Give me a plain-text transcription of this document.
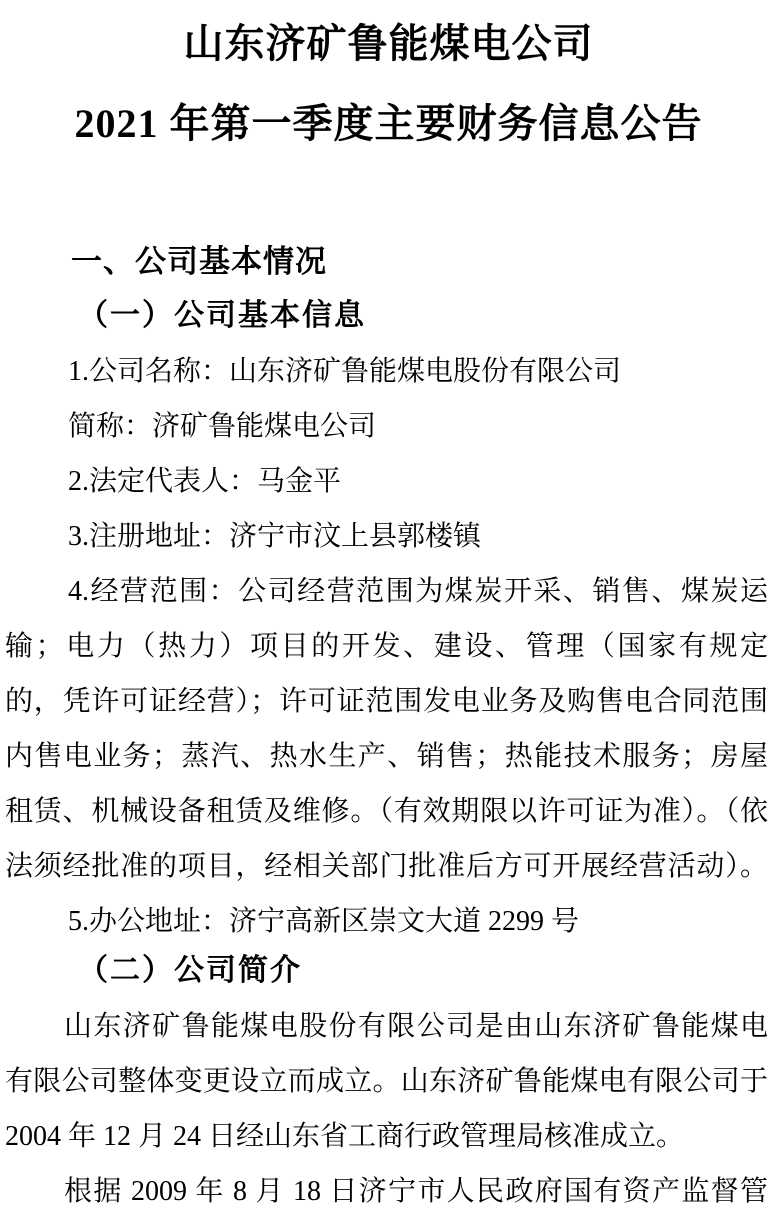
山东济矿鲁能煤电公司
2021 年第一季度主要财务信息公告
一、公司基本情况
（一）公司基本信息
1.公司名称：山东济矿鲁能煤电股份有限公司
简称：济矿鲁能煤电公司
2.法定代表人：马金平
3.注册地址：济宁市汶上县郭楼镇
4.经营范围：公司经营范围为煤炭开采、销售、煤炭运
输；电力（热力）项目的开发、建设、管理（国家有规定
的，凭许可证经营）；许可证范围发电业务及购售电合同范围
内售电业务；蒸汽、热水生产、销售；热能技术服务；房屋
租赁、机械设备租赁及维修。（有效期限以许可证为准）。（依
法须经批准的项目，经相关部门批准后方可开展经营活动）。
5.办公地址：济宁高新区崇文大道 2299 号
（二）公司简介
山东济矿鲁能煤电股份有限公司是由山东济矿鲁能煤电
有限公司整体变更设立而成立。山东济矿鲁能煤电有限公司于
2004 年 12 月 24 日经山东省工商行政管理局核准成立。
根据 2009 年 8 月 18 日济宁市人民政府国有资产监督管
